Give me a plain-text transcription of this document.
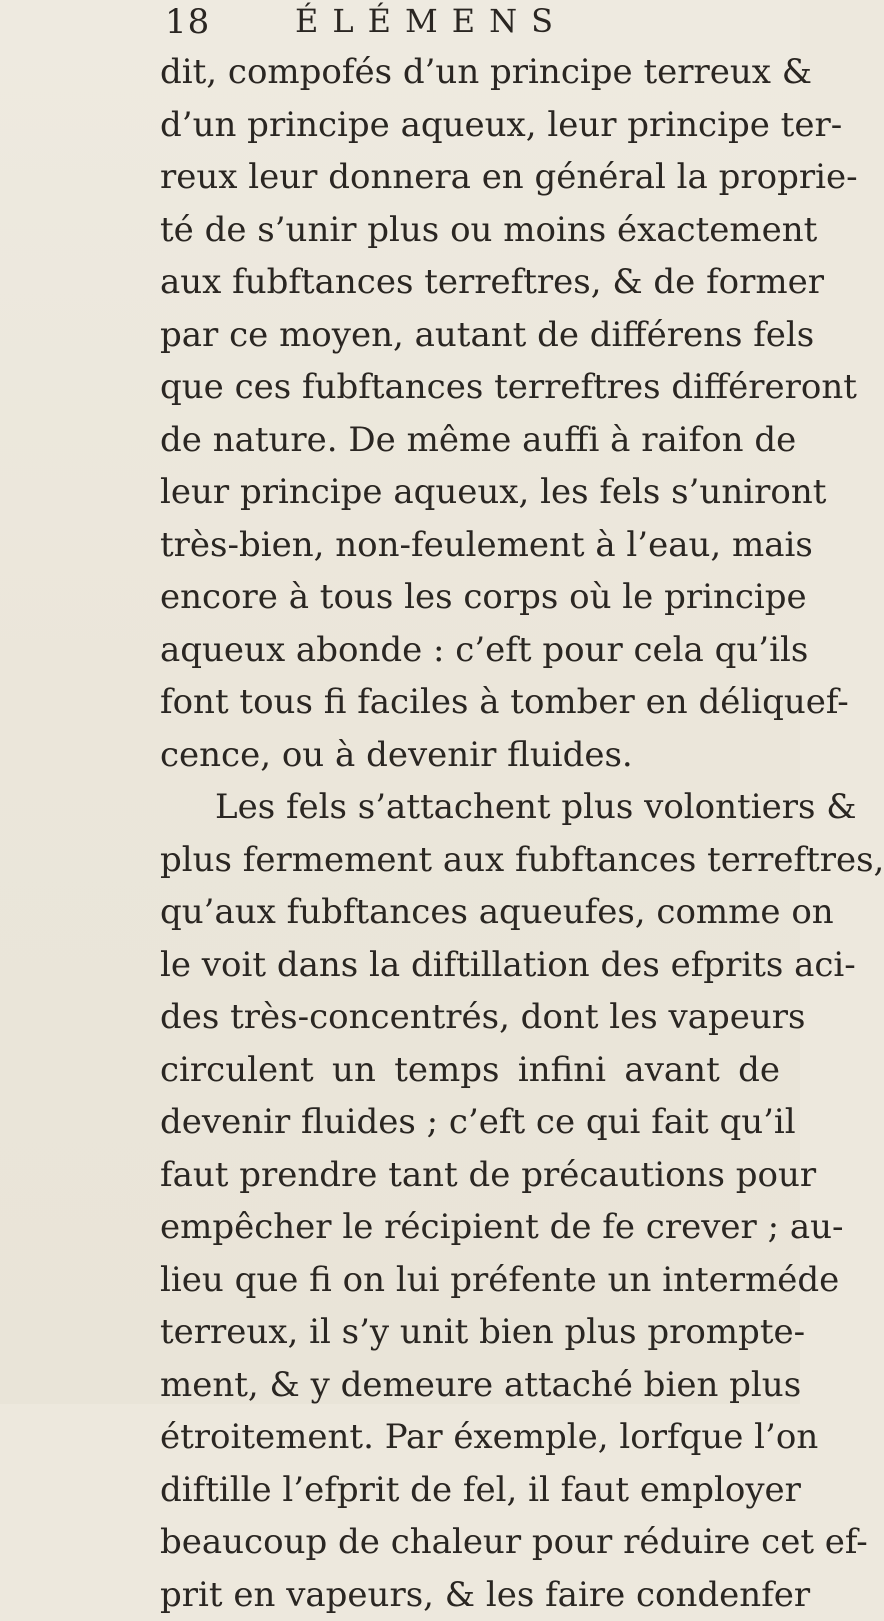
18	ÉLÉMENS
dit, compofés d’un principe terreux &
d’un principe aqueux, leur principe ter-
reux leur donnera en général la proprie-
té de s’unir plus ou moins éxactement
aux fubftances terreftres, & de former
par ce moyen, autant de différens fels
que ces fubftances terreftres différeront
de nature. De même auffi à raifon de
leur principe aqueux, les fels s’uniront
très-bien, non-feulement à l’eau, mais
encore à tous les corps où le principe
aqueux abonde : c’eft pour cela qu’ils
font tous fi faciles à tomber en déliquef-
cence, ou à devenir fluides.
Les fels s’attachent plus volontiers &
plus fermement aux fubftances terreftres,
qu’aux fubftances aqueufes, comme on
le voit dans la diftillation des efprits aci-
des très-concentrés, dont les vapeurs
circulent un temps infini avant de
devenir fluides ; c’eft ce qui fait qu’il
faut prendre tant de précautions pour
empêcher le récipient de fe crever ; au-
lieu que fi on lui préfente un interméde
terreux, il s’y unit bien plus prompte-
ment, & y demeure attaché bien plus
étroitement. Par éxemple, lorfque l’on
diftille l’efprit de fel, il faut employer
beaucoup de chaleur pour réduire cet ef-
prit en vapeurs, & les faire condenfer
